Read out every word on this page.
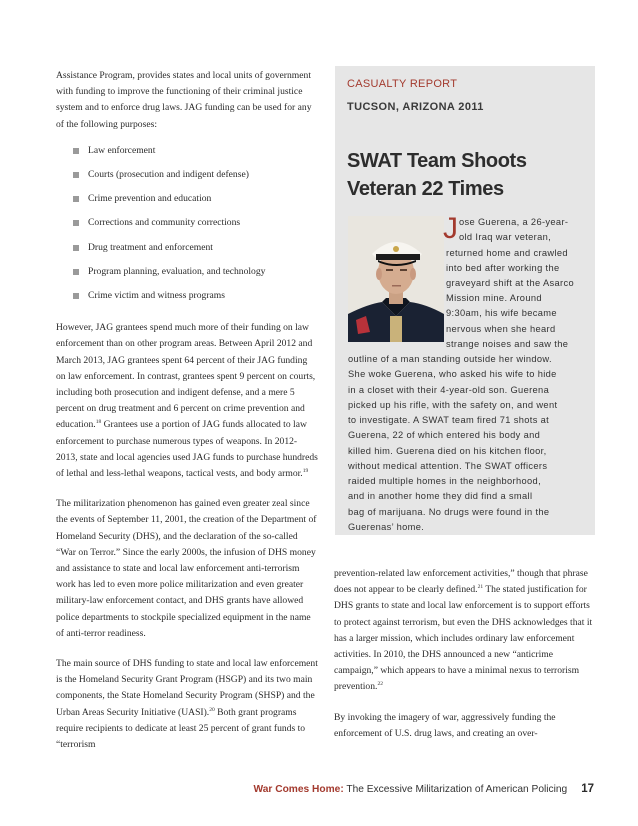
Assistance Program, provides states and local units of government with funding to improve the functioning of their criminal justice system and to enforce drug laws. JAG funding can be used for any of the following purposes:

Law enforcement
Courts (prosecution and indigent defense)
Crime prevention and education
Corrections and community corrections
Drug treatment and enforcement
Program planning, evaluation, and technology
Crime victim and witness programs

However, JAG grantees spend much more of their funding on law enforcement than on other program areas. Between April 2012 and March 2013, JAG grantees spent 64 percent of their JAG funding on law enforcement. In contrast, grantees spent 9 percent on courts, including both prosecution and indigent defense, and a mere 5 percent on drug treatment and 6 percent on crime prevention and education.$^{18}$ Grantees use a portion of JAG funds allocated to law enforcement to purchase numerous types of weapons. In 2012-2013, state and local agencies used JAG funds to purchase hundreds of lethal and less-lethal weapons, tactical vests, and body armor.$^{19}$

The militarization phenomenon has gained even greater zeal since the events of September 11, 2001, the creation of the Department of Homeland Security (DHS), and the declaration of the so-called “War on Terror.” Since the early 2000s, the infusion of DHS money and assistance to state and local law enforcement anti-terrorism work has led to even more police militarization and even greater military-law enforcement contact, and DHS grants have allowed police departments to stockpile specialized equipment in the name of anti-terror readiness.

The main source of DHS funding to state and local law enforcement is the Homeland Security Grant Program (HSGP) and its two main components, the State Homeland Security Program (SHSP) and the Urban Areas Security Initiative (UASI).$^{20}$ Both grant programs require recipients to dedicate at least 25 percent of grant funds to “terrorism

CASUALTY REPORT
TUCSON, ARIZONA 2011
SWAT Team Shoots Veteran 22 Times
J ose Guerena, a 26-year-
old Iraq war veteran,
returned home and crawled
into bed after working the
graveyard shift at the Asarco
Mission mine. Around
9:30am, his wife became
nervous when she heard
strange noises and saw the
outline of a man standing outside her window.
She woke Guerena, who asked his wife to hide
in a closet with their 4-year-old son. Guerena
picked up his rifle, with the safety on, and went
to investigate. A SWAT team fired 71 shots at
Guerena, 22 of which entered his body and
killed him. Guerena died on his kitchen floor,
without medical attention. The SWAT officers
raided multiple homes in the neighborhood,
and in another home they did find a small
bag of marijuana. No drugs were found in the
Guerenas’ home.

prevention-related law enforcement activities,” though that phrase does not appear to be clearly defined.$^{21}$ The stated justification for DHS grants to state and local law enforcement is to support efforts to protect against terrorism, but even the DHS acknowledges that it has a larger mission, which includes ordinary law enforcement activities. In 2010, the DHS announced a new “anticrime campaign,” which appears to have a minimal nexus to terrorism prevention.$^{22}$

By invoking the imagery of war, aggressively funding the enforcement of U.S. drug laws, and creating an over-

War Comes Home: The Excessive Militarization of American Policing 17
